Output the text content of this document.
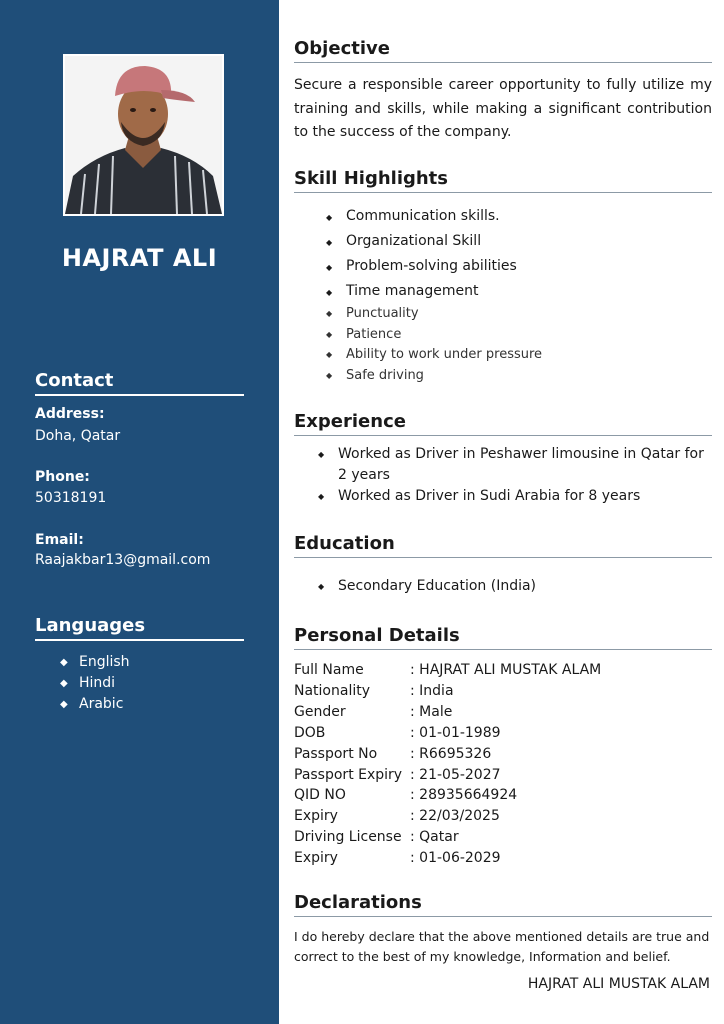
HAJRAT ALI
Contact
Address:
Doha, Qatar
Phone:
50318191
Email:
Raajakbar13@gmail.com
Languages
◆ English
◆ Hindi
◆ Arabic
Objective
Secure a responsible career opportunity to fully utilize my training and skills, while making a significant contribution to the success of the company.
Skill Highlights
◆ Communication skills.
◆ Organizational Skill
◆ Problem-solving abilities
◆ Time management
◆ Punctuality
◆ Patience
◆ Ability to work under pressure
◆ Safe driving
Experience
◆ Worked as Driver in Peshawer limousine in Qatar for 2 years
◆ Worked as Driver in Sudi Arabia for 8 years
Education
◆ Secondary Education (India)
Personal Details
Full Name	: HAJRAT ALI MUSTAK ALAM
Nationality	: India
Gender	: Male
DOB	: 01-01-1989
Passport No	: R6695326
Passport Expiry : 21-05-2027
QID NO	: 28935664924
Expiry	: 22/03/2025
Driving License : Qatar
Expiry	: 01-06-2029
Declarations
I do hereby declare that the above mentioned details are true and correct to the best of my knowledge, Information and belief.
HAJRAT ALI MUSTAK ALAM
